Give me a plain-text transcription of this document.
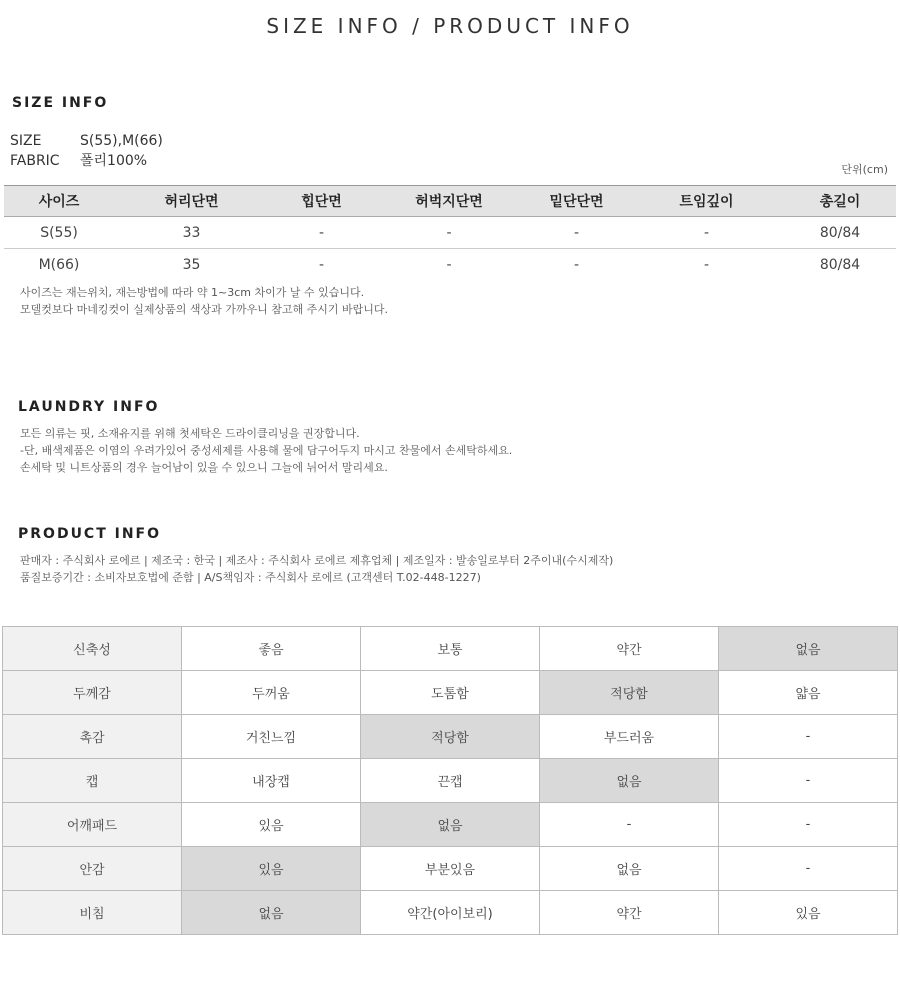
SIZE INFO / PRODUCT INFO
SIZE INFO
SIZE	S(55),M(66)
FABRIC 폴리100%
단위(cm)
사이즈	허리단면	힙단면	허벅지단면	밑단단면	트임깊이	총길이
S(55)	33	-	-	-	-	80/84
M(66)	35	-	-	-	-	80/84
사이즈는 재는위치, 재는방법에 따라 약 1~3cm 차이가 날 수 있습니다.
모델컷보다 마네킹컷이 실제상품의 색상과 가까우니 참고해 주시기 바랍니다.
LAUNDRY INFO
모든 의류는 핏, 소재유지를 위해 첫세탁은 드라이클리닝을 권장합니다.
-단, 배색제품은 이염의 우려가있어 중성세제를 사용해 물에 담구어두지 마시고 찬물에서 손세탁하세요.
손세탁 및 니트상품의 경우 늘어남이 있을 수 있으니 그늘에 뉘어서 말리세요.
PRODUCT INFO
판매자 : 주식회사 로에르 | 제조국 : 한국 | 제조사 : 주식회사 로에르 제휴업체 | 제조일자 : 발송일로부터 2주이내(수시제작)
품질보증기간 : 소비자보호법에 준함 | A/S책임자 : 주식회사 로에르 (고객센터 T.02-448-1227)
신축성	좋음	보통	약간	없음
두께감	두꺼움	도톰함	적당함	얇음
촉감	거친느낌	적당함	부드러움	-
캡	내장캡	끈캡	없음	-
어깨패드	있음	없음	-	-
안감	있음	부분있음	없음	-
비침	없음	약간(아이보리)	약간	있음
